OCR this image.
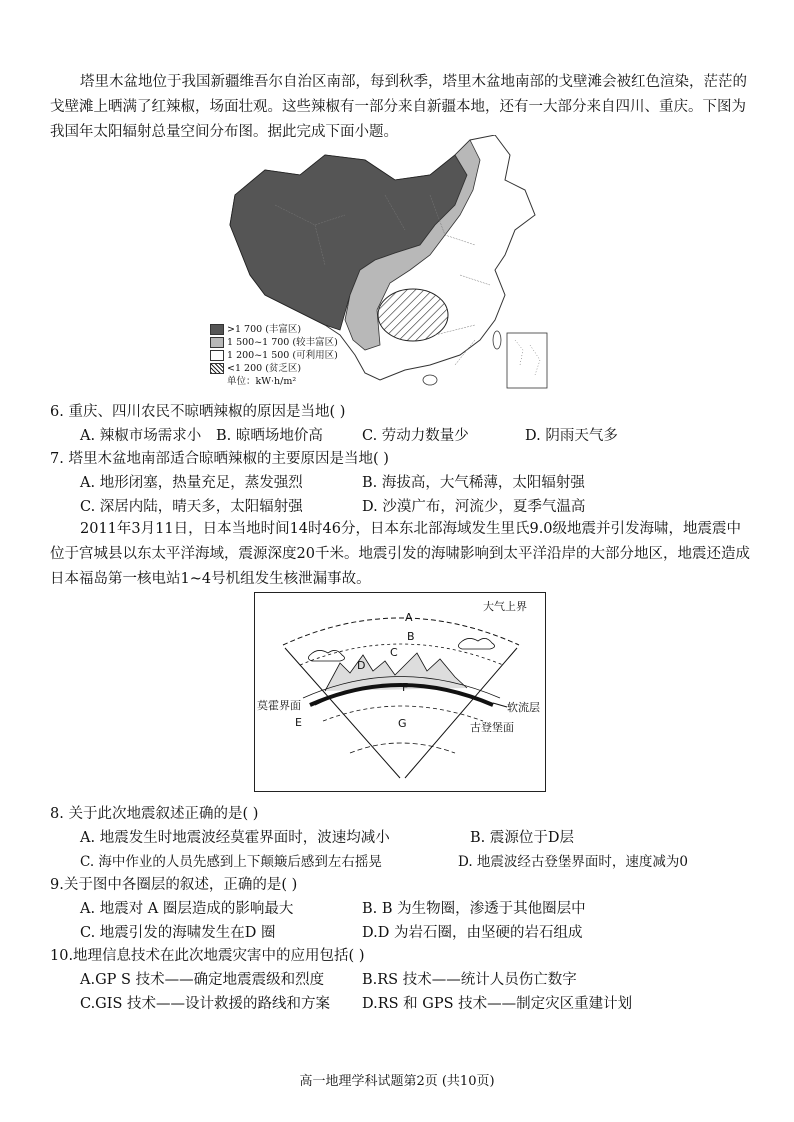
塔里木盆地位于我国新疆维吾尔自治区南部，每到秋季，塔里木盆地南部的戈壁滩会被红色渲染，茫茫的戈壁滩上晒满了红辣椒，场面壮观。这些辣椒有一部分来自新疆本地，还有一大部分来自四川、重庆。下图为我国年太阳辐射总量空间分布图。据此完成下面小题。

>1 700 (丰富区)
1 500~1 700 (较丰富区)
1 200~1 500 (可利用区)
<1 200 (贫乏区)
单位：kW·h/m²

6. 重庆、四川农民不晾晒辣椒的原因是当地( )

A. 辣椒市场需求小 B. 晾晒场地价高	C. 劳动力数量少	D. 阴雨天气多

7. 塔里木盆地南部适合晾晒辣椒的主要原因是当地( )

A. 地形闭塞，热量充足，蒸发强烈	B. 海拔高，大气稀薄，太阳辐射强

C. 深居内陆，晴天多，太阳辐射强	D. 沙漠广布，河流少，夏季气温高

2011年3月11日，日本当地时间14时46分，日本东北部海域发生里氏9.0级地震并引发海啸，地震震中位于宫城县以东太平洋海域，震源深度20千米。地震引发的海啸影响到太平洋沿岸的大部分地区，地震还造成日本福岛第一核电站1~4号机组发生核泄漏事故。

A
B
C
D
E
F
G
大气上界
莫霍界面	软流层
古登堡面

8. 关于此次地震叙述正确的是( )

A. 地震发生时地震波经莫霍界面时，波速均减小	B. 震源位于D层

C. 海中作业的人员先感到上下颠簸后感到左右摇晃	D. 地震波经古登堡界面时，速度减为0

9.关于图中各圈层的叙述，正确的是( )

A. 地震对 A 圈层造成的影响最大	B. B 为生物圈，渗透于其他圈层中

C. 地震引发的海啸发生在D 圈	D.D 为岩石圈，由坚硬的岩石组成

10.地理信息技术在此次地震灾害中的应用包括( )

A.GP S 技术——确定地震震级和烈度	B.RS 技术——统计人员伤亡数字

C.GIS 技术——设计救援的路线和方案 D.RS 和 GPS 技术——制定灾区重建计划

高一地理学科试题第2页 (共10页)
